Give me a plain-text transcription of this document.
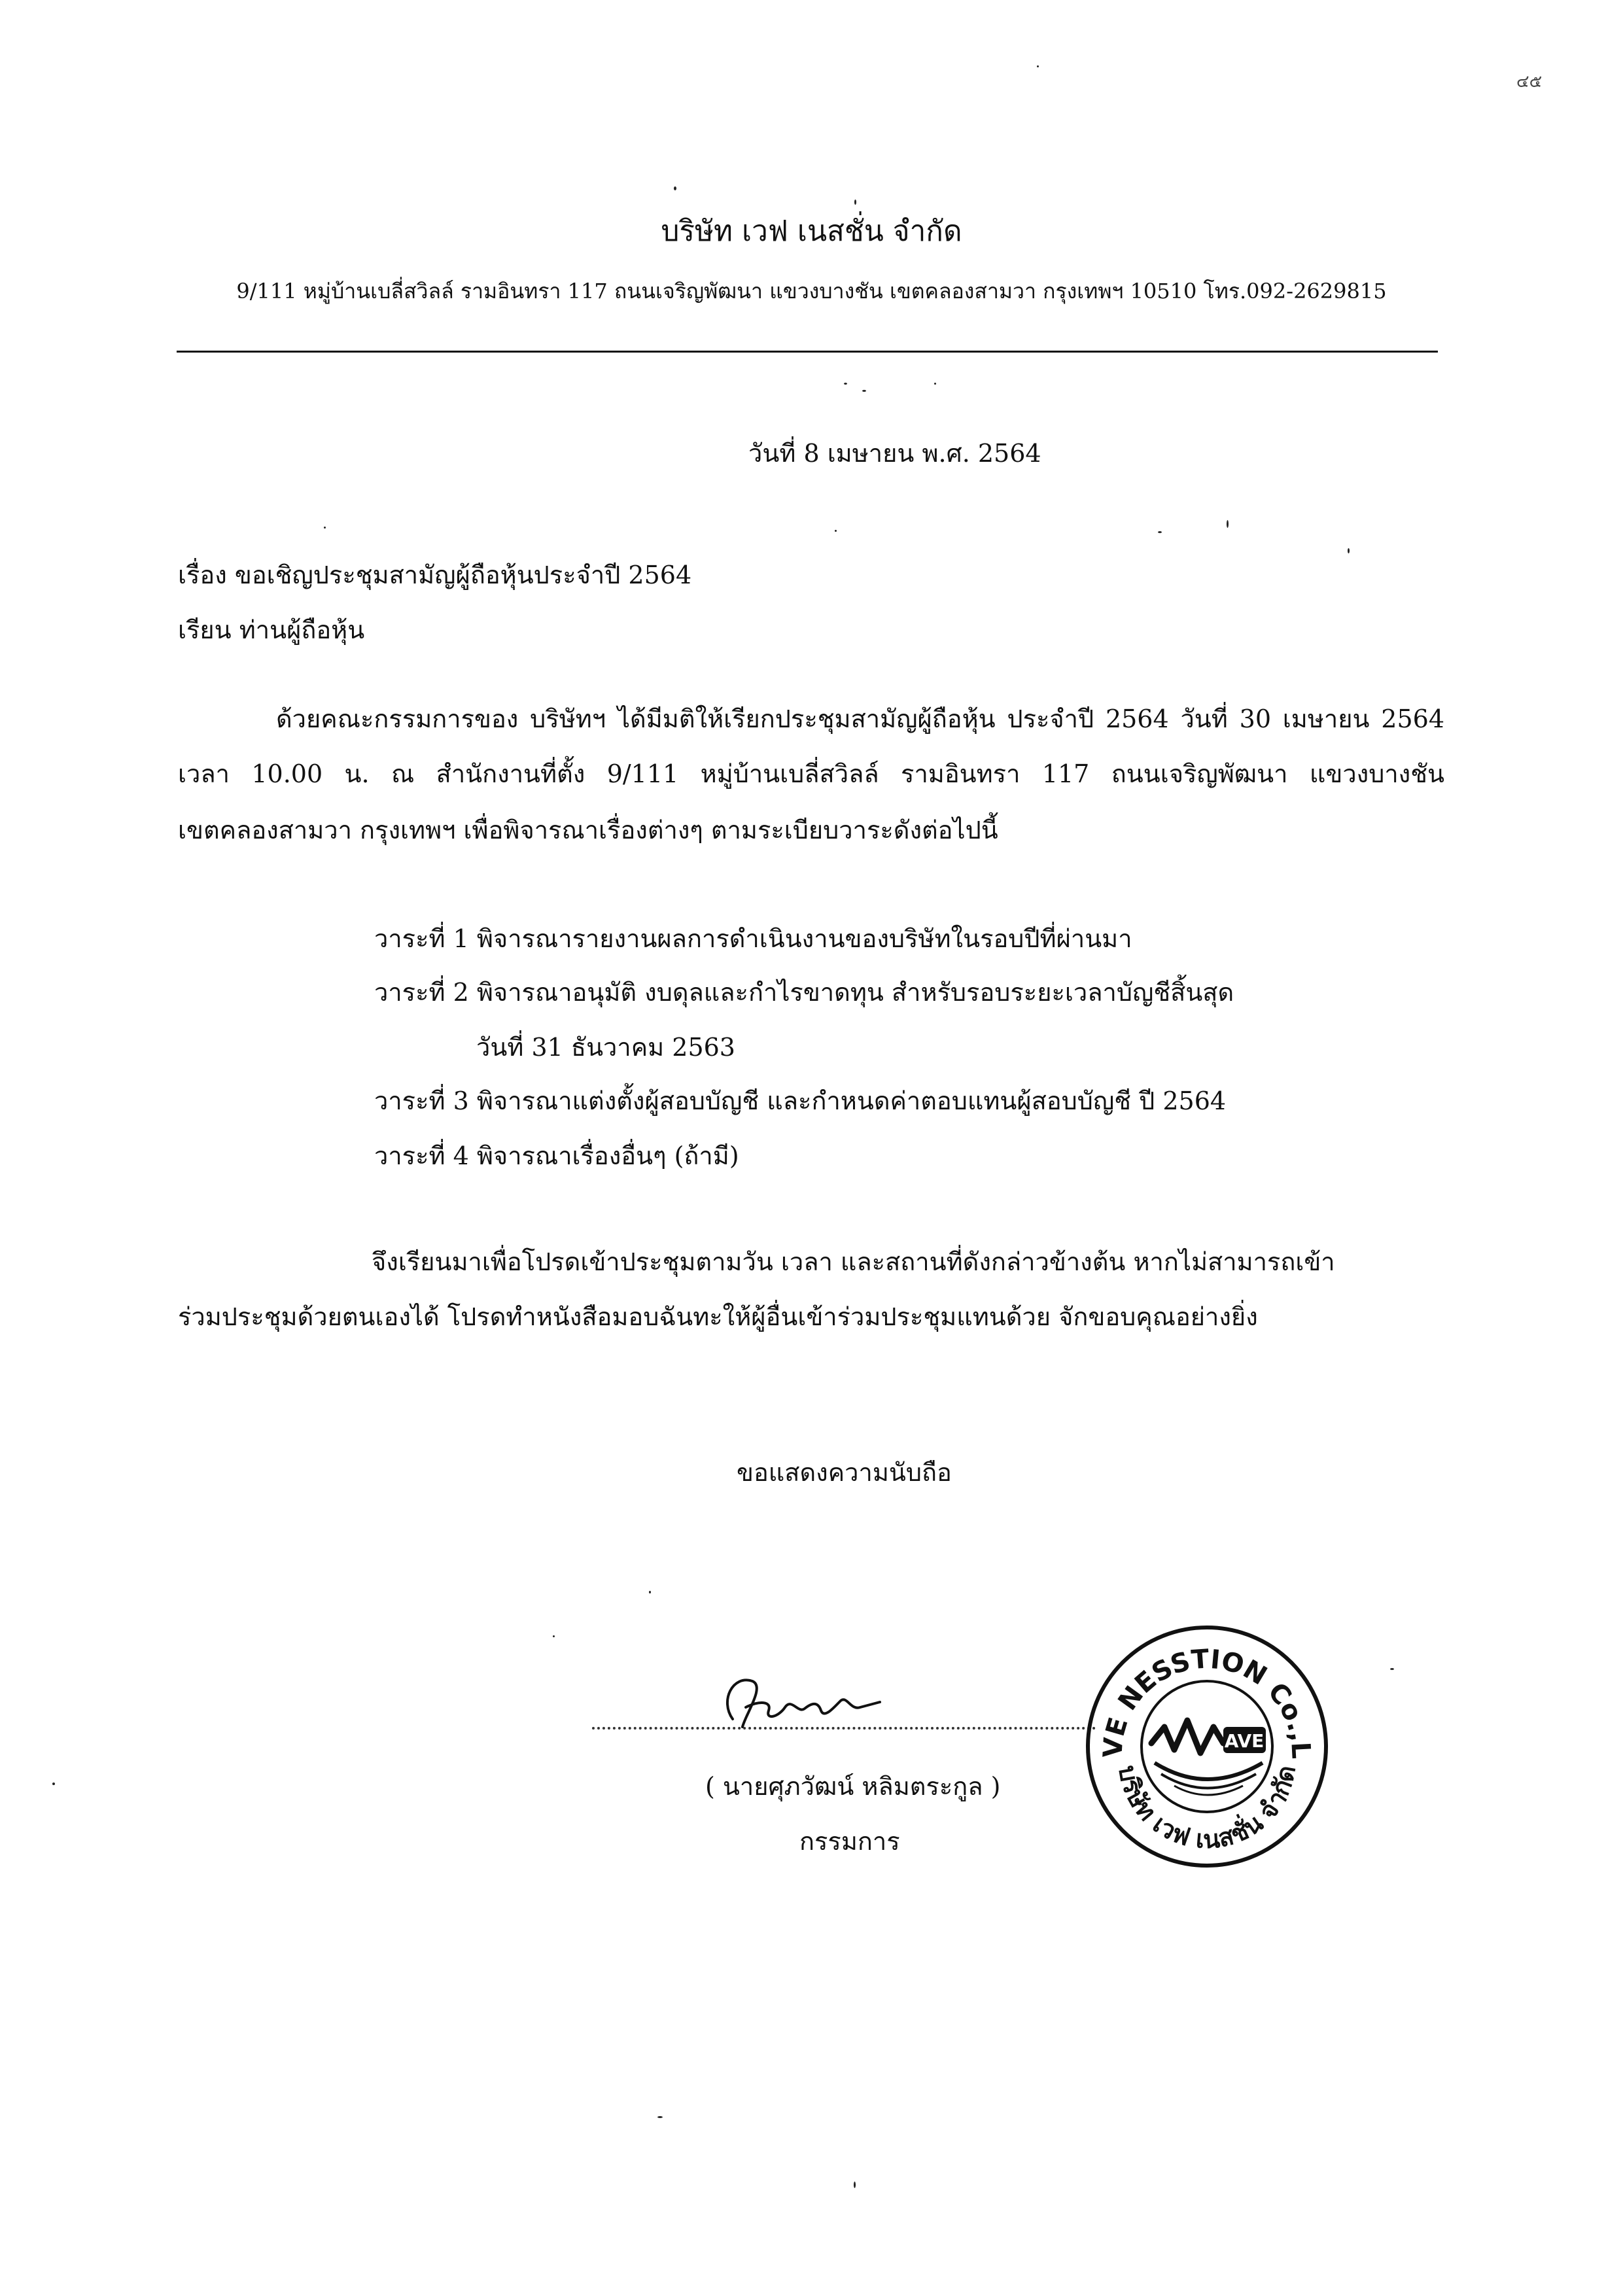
๔๕
บริษัท เวฟ เนสชั่น จำกัด
9/111 หมู่บ้านเบลี่สวิลล์ รามอินทรา 117 ถนนเจริญพัฒนา แขวงบางชัน เขตคลองสามวา กรุงเทพฯ 10510 โทร.092-2629815
วันที่ 8 เมษายน พ.ศ. 2564
เรื่อง ขอเชิญประชุมสามัญผู้ถือหุ้นประจำปี 2564
เรียน ท่านผู้ถือหุ้น
ด้วยคณะกรรมการของ บริษัทฯ ได้มีมติให้เรียกประชุมสามัญผู้ถือหุ้น ประจำปี 2564 วันที่ 30 เมษายน 2564
เวลา 10.00 น. ณ สำนักงานที่ตั้ง 9/111 หมู่บ้านเบลี่สวิลล์ รามอินทรา 117 ถนนเจริญพัฒนา แขวงบางชัน
เขตคลองสามวา กรุงเทพฯ เพื่อพิจารณาเรื่องต่างๆ ตามระเบียบวาระดังต่อไปนี้
วาระที่ 1 พิจารณารายงานผลการดำเนินงานของบริษัทในรอบปีที่ผ่านมา
วาระที่ 2 พิจารณาอนุมัติ งบดุลและกำไรขาดทุน สำหรับรอบระยะเวลาบัญชีสิ้นสุด
วันที่ 31 ธันวาคม 2563
วาระที่ 3 พิจารณาแต่งตั้งผู้สอบบัญชี และกำหนดค่าตอบแทนผู้สอบบัญชี ปี 2564
วาระที่ 4 พิจารณาเรื่องอื่นๆ (ถ้ามี)
จึงเรียนมาเพื่อโปรดเข้าประชุมตามวัน เวลา และสถานที่ดังกล่าวข้างต้น หากไม่สามารถเข้า
ร่วมประชุมด้วยตนเองได้ โปรดทำหนังสือมอบฉันทะให้ผู้อื่นเข้าร่วมประชุมแทนด้วย จักขอบคุณอย่างยิ่ง
ขอแสดงความนับถือ
( นายศุภวัฒน์ หลิมตระกูล )
กรรมการ
VE NESSTION Co.,L
บริษัท เวฟ เนสชั่น จำกัด
AVE
